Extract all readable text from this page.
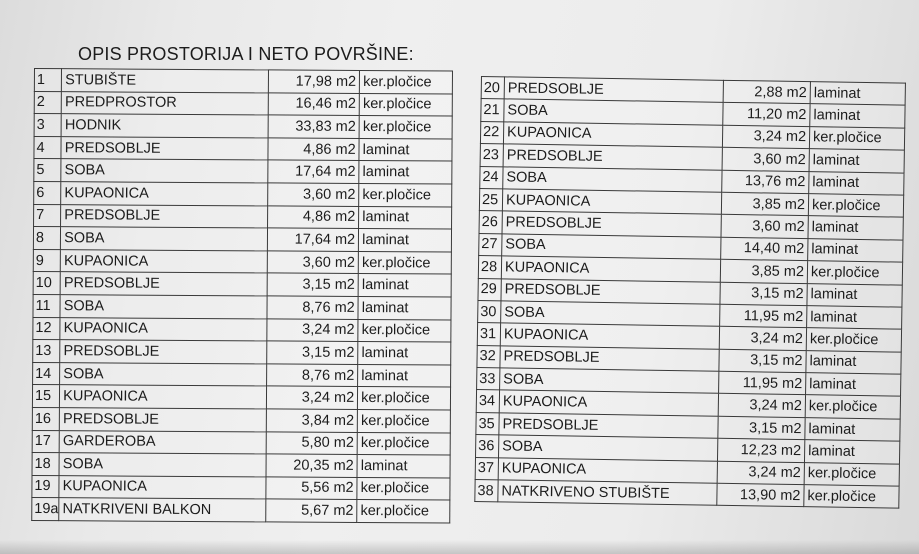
OPIS PROSTORIJA I NETO POVRŠINE:
1	STUBIŠTE	17,98 m2	ker.pločice
2	PREDPROSTOR	16,46 m2	ker.pločice
3	HODNIK	33,83 m2	ker.pločice
4	PREDSOBLJE	4,86 m2	laminat
5	SOBA	17,64 m2	laminat
6	KUPAONICA	3,60 m2	ker.pločice
7	PREDSOBLJE	4,86 m2	laminat
8	SOBA	17,64 m2	laminat
9	KUPAONICA	3,60 m2	ker.pločice
10	PREDSOBLJE	3,15 m2	laminat
11	SOBA	8,76 m2	laminat
12	KUPAONICA	3,24 m2	ker.pločice
13	PREDSOBLJE	3,15 m2	laminat
14	SOBA	8,76 m2	laminat
15	KUPAONICA	3,24 m2	ker.pločice
16	PREDSOBLJE	3,84 m2	ker.pločice
17	GARDEROBA	5,80 m2	ker.pločice
18	SOBA	20,35 m2	laminat
19	KUPAONICA	5,56 m2	ker.pločice
19a	NATKRIVENI BALKON	5,67 m2	ker.pločice
20	PREDSOBLJE	2,88 m2	laminat
21	SOBA	11,20 m2	laminat
22	KUPAONICA	3,24 m2	ker.pločice
23	PREDSOBLJE	3,60 m2	laminat
24	SOBA	13,76 m2	laminat
25	KUPAONICA	3,85 m2	ker.pločice
26	PREDSOBLJE	3,60 m2	laminat
27	SOBA	14,40 m2	laminat
28	KUPAONICA	3,85 m2	ker.pločice
29	PREDSOBLJE	3,15 m2	laminat
30	SOBA	11,95 m2	laminat
31	KUPAONICA	3,24 m2	ker.pločice
32	PREDSOBLJE	3,15 m2	laminat
33	SOBA	11,95 m2	laminat
34	KUPAONICA	3,24 m2	ker.pločice
35	PREDSOBLJE	3,15 m2	laminat
36	SOBA	12,23 m2	laminat
37	KUPAONICA	3,24 m2	ker.pločice
38	NATKRIVENO STUBIŠTE	13,90 m2	ker.pločice
